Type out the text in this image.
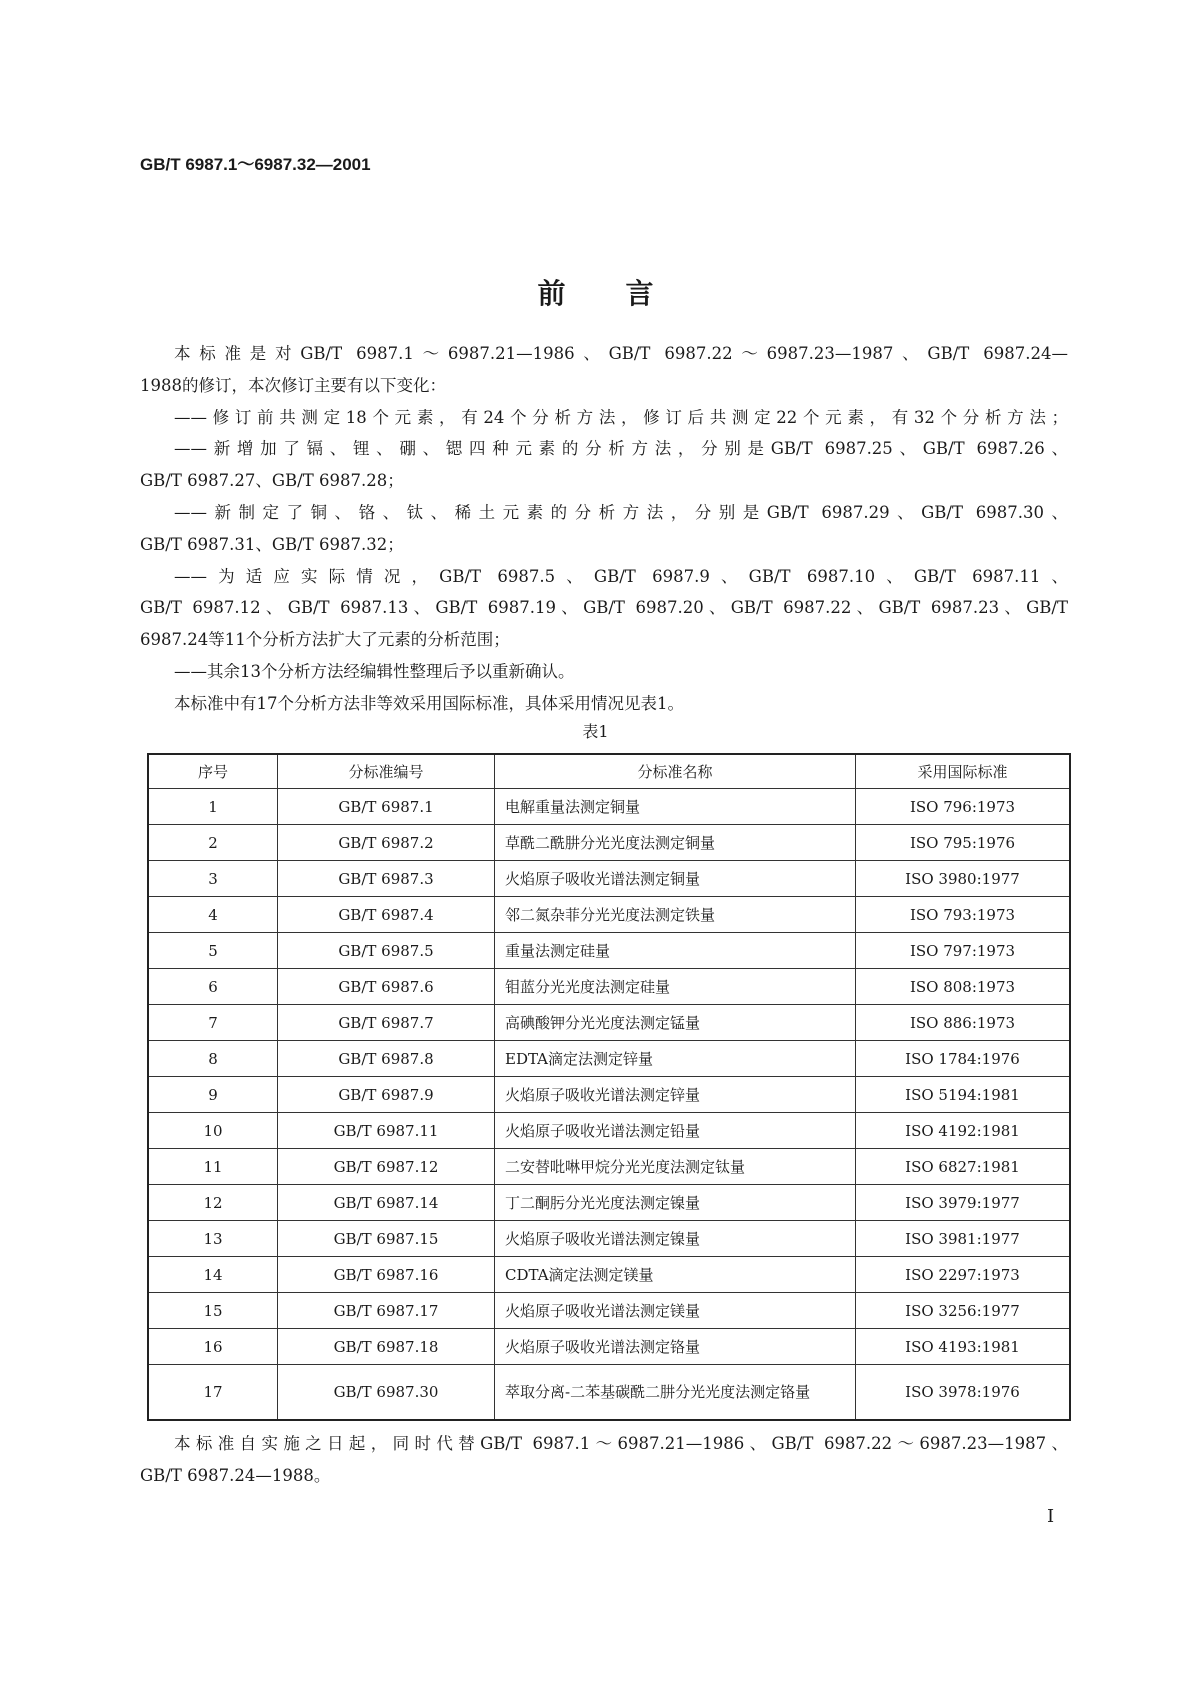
GB/T 6987.1～6987.32—2001
前言
本标准是对GB/T 6987.1～6987.21—1986、GB/T 6987.22～6987.23—1987、GB/T 6987.24—
1988的修订，本次修订主要有以下变化：
——修订前共测定18个元素，有24个分析方法，修订后共测定22个元素，有32个分析方法；
——新增加了镉、锂、硼、锶四种元素的分析方法，分别是GB/T 6987.25、GB/T 6987.26、
GB/T 6987.27、GB/T 6987.28；
——新制定了铜、铬、钛、稀土元素的分析方法，分别是GB/T 6987.29、GB/T 6987.30、
GB/T 6987.31、GB/T 6987.32；
——为适应实际情况，GB/T 6987.5、GB/T 6987.9、GB/T 6987.10、GB/T 6987.11、
GB/T 6987.12、GB/T 6987.13、GB/T 6987.19、GB/T 6987.20、GB/T 6987.22、GB/T 6987.23、GB/T
6987.24等11个分析方法扩大了元素的分析范围；
——其余13个分析方法经编辑性整理后予以重新确认。
本标准中有17个分析方法非等效采用国际标准，具体采用情况见表1。
表1
序号	分标准编号	分标准名称	采用国际标准
1	GB/T 6987.1	电解重量法测定铜量	ISO 796:1973
2	GB/T 6987.2	草酰二酰肼分光光度法测定铜量	ISO 795:1976
3	GB/T 6987.3	火焰原子吸收光谱法测定铜量	ISO 3980:1977
4	GB/T 6987.4	邻二氮杂菲分光光度法测定铁量	ISO 793:1973
5	GB/T 6987.5	重量法测定硅量	ISO 797:1973
6	GB/T 6987.6	钼蓝分光光度法测定硅量	ISO 808:1973
7	GB/T 6987.7	高碘酸钾分光光度法测定锰量	ISO 886:1973
8	GB/T 6987.8	EDTA滴定法测定锌量	ISO 1784:1976
9	GB/T 6987.9	火焰原子吸收光谱法测定锌量	ISO 5194:1981
10	GB/T 6987.11	火焰原子吸收光谱法测定铅量	ISO 4192:1981
11	GB/T 6987.12	二安替吡啉甲烷分光光度法测定钛量	ISO 6827:1981
12	GB/T 6987.14	丁二酮肟分光光度法测定镍量	ISO 3979:1977
13	GB/T 6987.15	火焰原子吸收光谱法测定镍量	ISO 3981:1977
14	GB/T 6987.16	CDTA滴定法测定镁量	ISO 2297:1973
15	GB/T 6987.17	火焰原子吸收光谱法测定镁量	ISO 3256:1977
16	GB/T 6987.18	火焰原子吸收光谱法测定铬量	ISO 4193:1981
17	GB/T 6987.30	萃取分离-二苯基碳酰二肼分光光度法测定铬量	ISO 3978:1976
本标准自实施之日起，同时代替GB/T 6987.1～6987.21—1986、GB/T 6987.22～6987.23—1987、
GB/T 6987.24—1988。
I
